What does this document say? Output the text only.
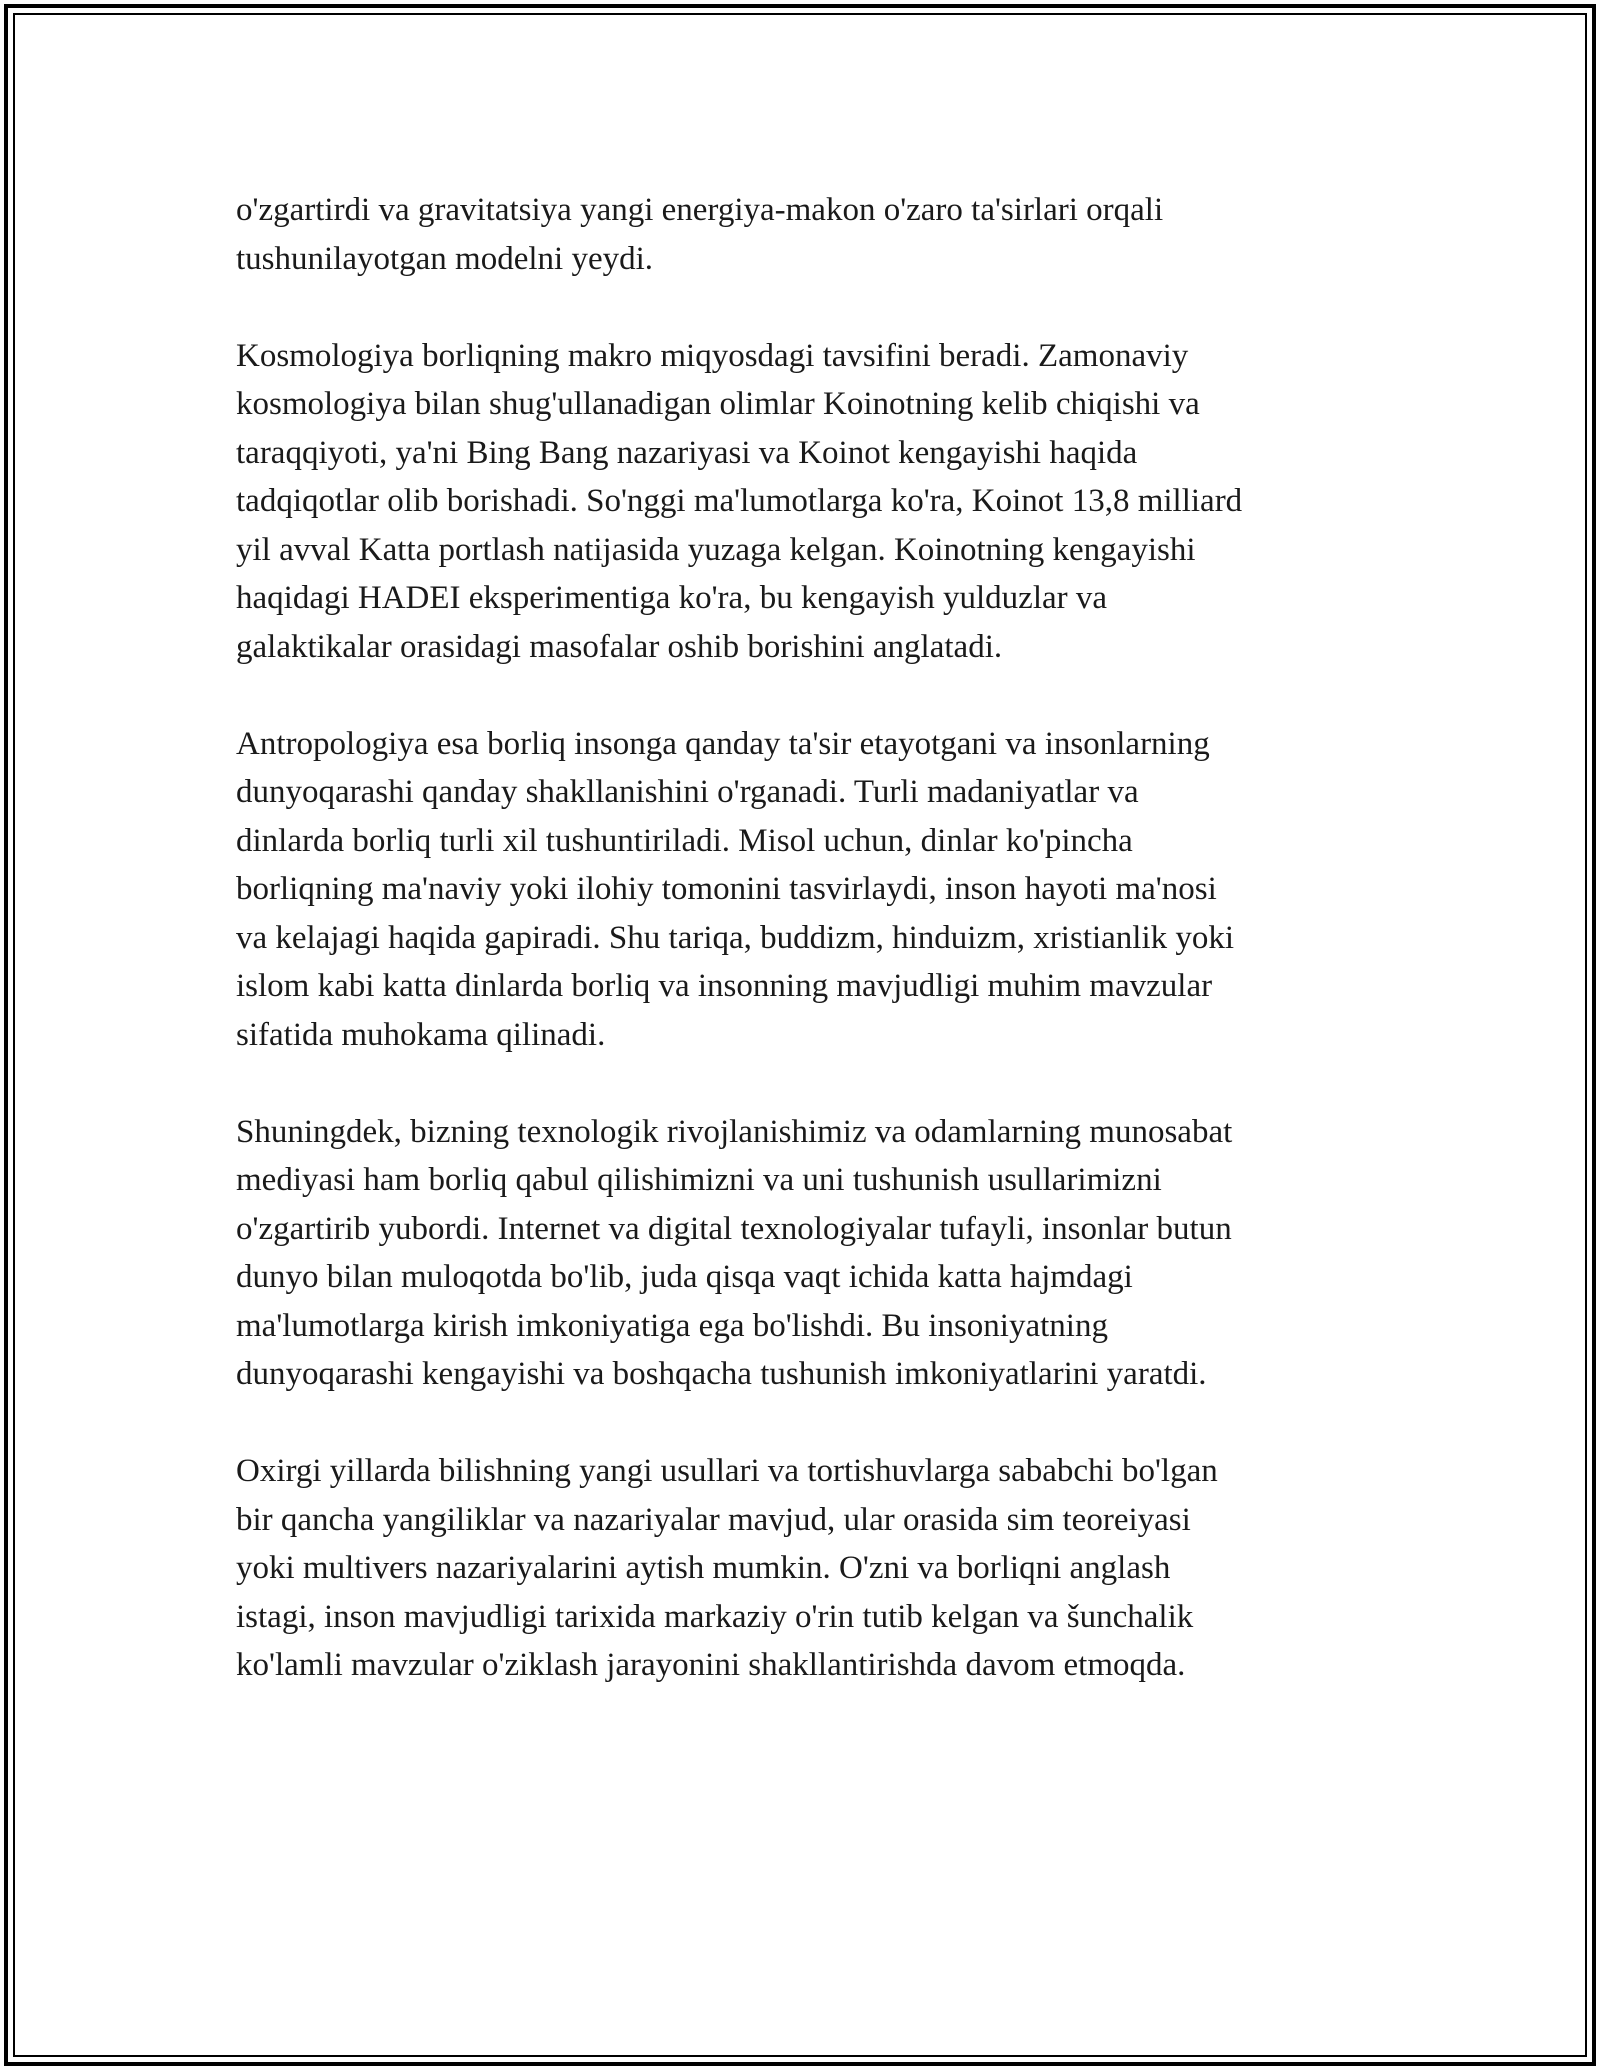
o'zgartirdi va gravitatsiya yangi energiya-makon o'zaro ta'sirlari orqali
tushunilayotgan modelni yeydi.

Kosmologiya borliqning makro miqyosdagi tavsifini beradi. Zamonaviy
kosmologiya bilan shug'ullanadigan olimlar Koinotning kelib chiqishi va
taraqqiyoti, ya'ni Bing Bang nazariyasi va Koinot kengayishi haqida
tadqiqotlar olib borishadi. So'nggi ma'lumotlarga ko'ra, Koinot 13,8 milliard
yil avval Katta portlash natijasida yuzaga kelgan. Koinotning kengayishi
haqidagi HADEI eksperimentiga ko'ra, bu kengayish yulduzlar va
galaktikalar orasidagi masofalar oshib borishini anglatadi.

Antropologiya esa borliq insonga qanday ta'sir etayotgani va insonlarning
dunyoqarashi qanday shakllanishini o'rganadi. Turli madaniyatlar va
dinlarda borliq turli xil tushuntiriladi. Misol uchun, dinlar ko'pincha
borliqning ma'naviy yoki ilohiy tomonini tasvirlaydi, inson hayoti ma'nosi
va kelajagi haqida gapiradi. Shu tariqa, buddizm, hinduizm, xristianlik yoki
islom kabi katta dinlarda borliq va insonning mavjudligi muhim mavzular
sifatida muhokama qilinadi.

Shuningdek, bizning texnologik rivojlanishimiz va odamlarning munosabat
mediyasi ham borliq qabul qilishimizni va uni tushunish usullarimizni
o'zgartirib yubordi. Internet va digital texnologiyalar tufayli, insonlar butun
dunyo bilan muloqotda bo'lib, juda qisqa vaqt ichida katta hajmdagi
ma'lumotlarga kirish imkoniyatiga ega bo'lishdi. Bu insoniyatning
dunyoqarashi kengayishi va boshqacha tushunish imkoniyatlarini yaratdi.

Oxirgi yillarda bilishning yangi usullari va tortishuvlarga sababchi bo'lgan
bir qancha yangiliklar va nazariyalar mavjud, ular orasida sim teoreiyasi
yoki multivers nazariyalarini aytish mumkin. O'zni va borliqni anglash
istagi, inson mavjudligi tarixida markaziy o'rin tutib kelgan va šunchalik
ko'lamli mavzular o'ziklash jarayonini shakllantirishda davom etmoqda.
